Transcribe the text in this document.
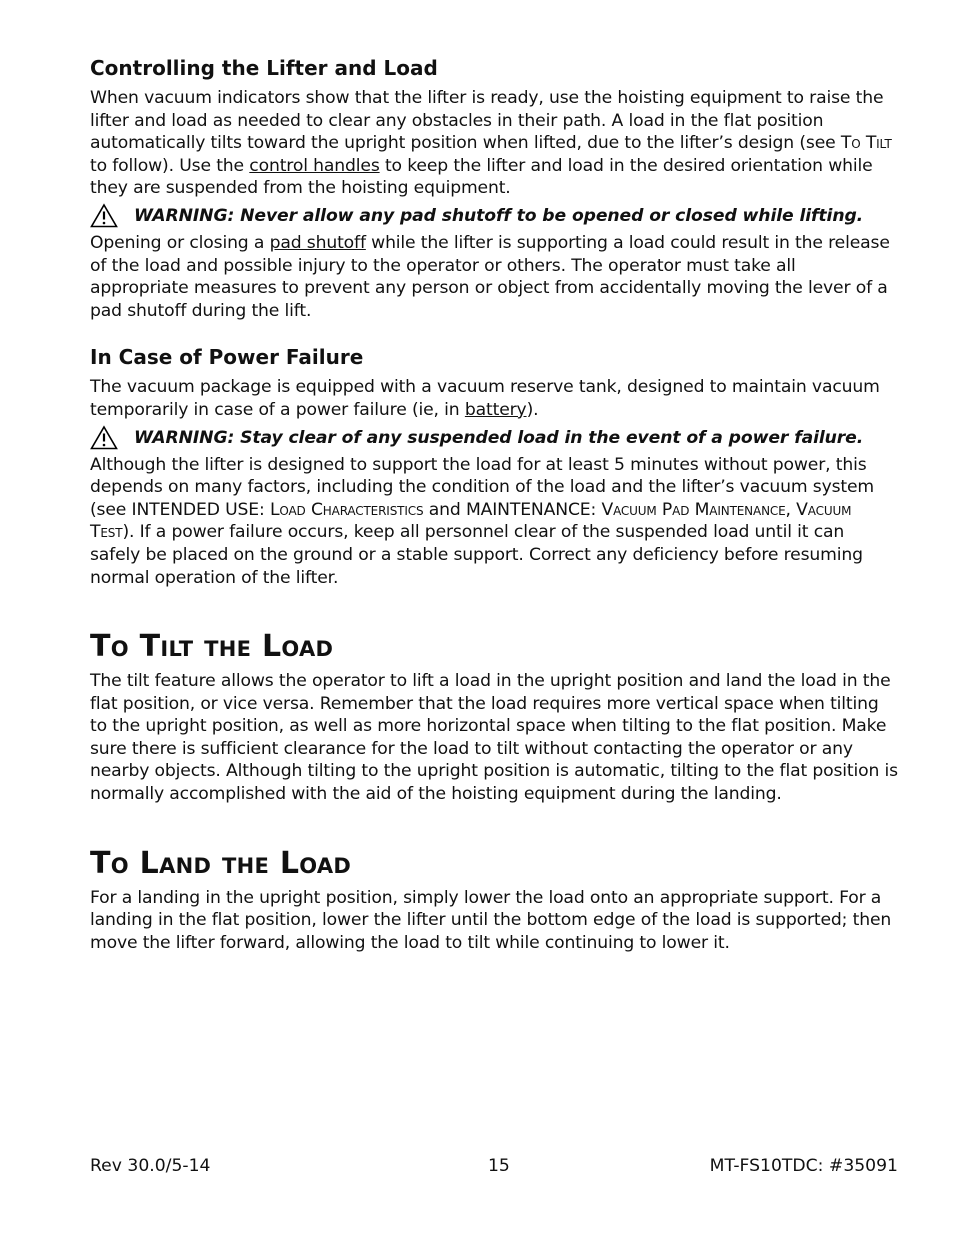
Controlling the Lifter and Load

When vacuum indicators show that the lifter is ready, use the hoisting equipment to raise the lifter and load as needed to clear any obstacles in their path. A load in the flat position automatically tilts toward the upright position when lifted, due to the lifter’s design (see To Tilt to follow). Use the control handles to keep the lifter and load in the desired orientation while they are suspended from the hoisting equipment.

WARNING: Never allow any pad shutoff to be opened or closed while lifting.

Opening or closing a pad shutoff while the lifter is supporting a load could result in the release of the load and possible injury to the operator or others. The operator must take all appropriate measures to prevent any person or object from accidentally moving the lever of a pad shutoff during the lift.

In Case of Power Failure

The vacuum package is equipped with a vacuum reserve tank, designed to maintain vacuum temporarily in case of a power failure (ie, in battery).

WARNING: Stay clear of any suspended load in the event of a power failure.

Although the lifter is designed to support the load for at least 5 minutes without power, this depends on many factors, including the condition of the load and the lifter’s vacuum system (see INTENDED USE: Load Characteristics and MAINTENANCE: Vacuum Pad Maintenance, Vacuum Test). If a power failure occurs, keep all personnel clear of the suspended load until it can safely be placed on the ground or a stable support. Correct any deficiency before resuming normal operation of the lifter.

To Tilt the Load

The tilt feature allows the operator to lift a load in the upright position and land the load in the flat position, or vice versa. Remember that the load requires more vertical space when tilting to the upright position, as well as more horizontal space when tilting to the flat position. Make sure there is sufficient clearance for the load to tilt without contacting the operator or any nearby objects. Although tilting to the upright position is automatic, tilting to the flat position is normally accomplished with the aid of the hoisting equipment during the landing.

To Land the Load

For a landing in the upright position, simply lower the load onto an appropriate support. For a landing in the flat position, lower the lifter until the bottom edge of the load is supported; then move the lifter forward, allowing the load to tilt while continuing to lower it.

Rev 30.0/5-14	15	MT-FS10TDC: #35091
